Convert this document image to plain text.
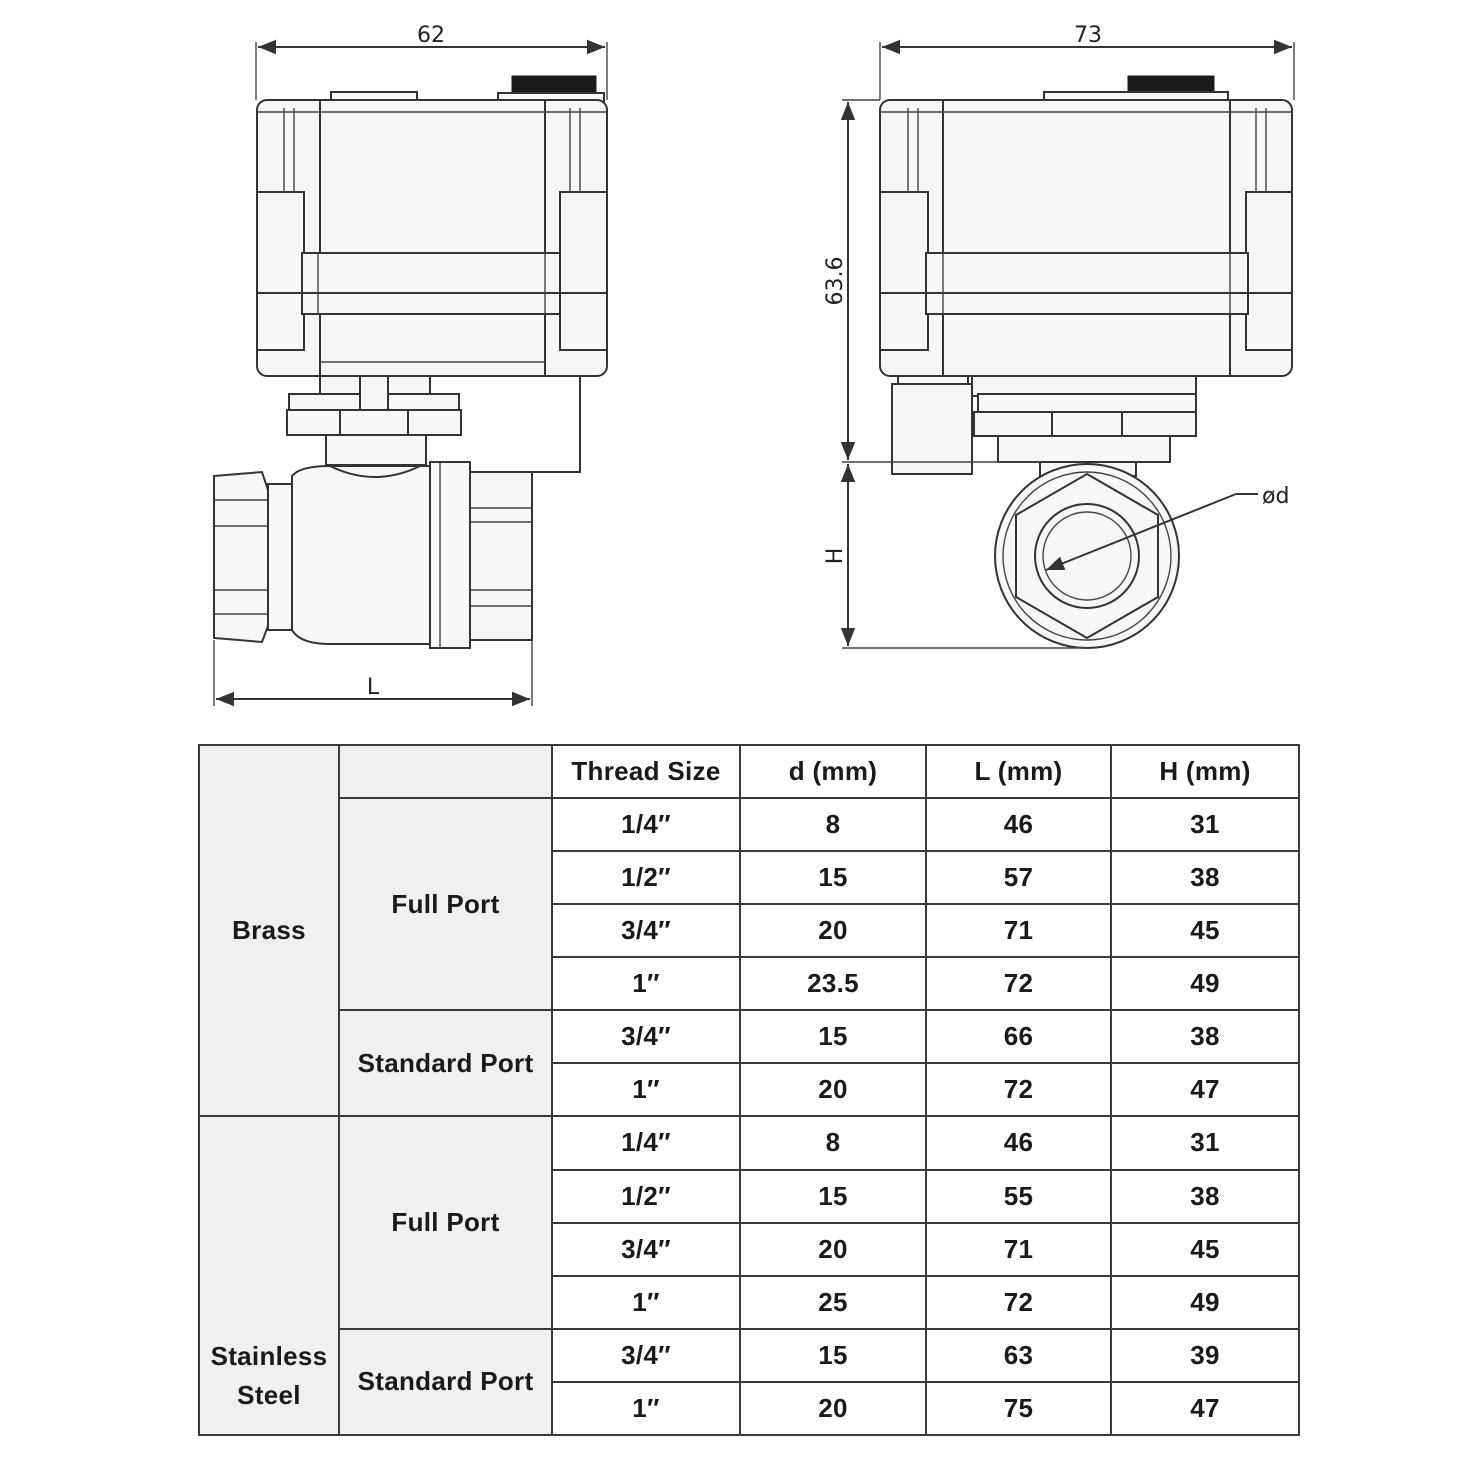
62
L
73
ød
63.6
H
Brass		Thread Size	d (mm)	L (mm)	H (mm)
	Full Port	1/4″	8	46	31
		1/2″	15	57	38
		3/4″	20	71	45
		1″	23.5	72	49
	Standard Port	3/4″	15	66	38
		1″	20	72	47
Stainless Steel	Full Port	1/4″	8	46	31
		1/2″	15	55	38
		3/4″	20	71	45
		1″	25	72	49
	Standard Port	3/4″	15	63	39
		1″	20	75	47
